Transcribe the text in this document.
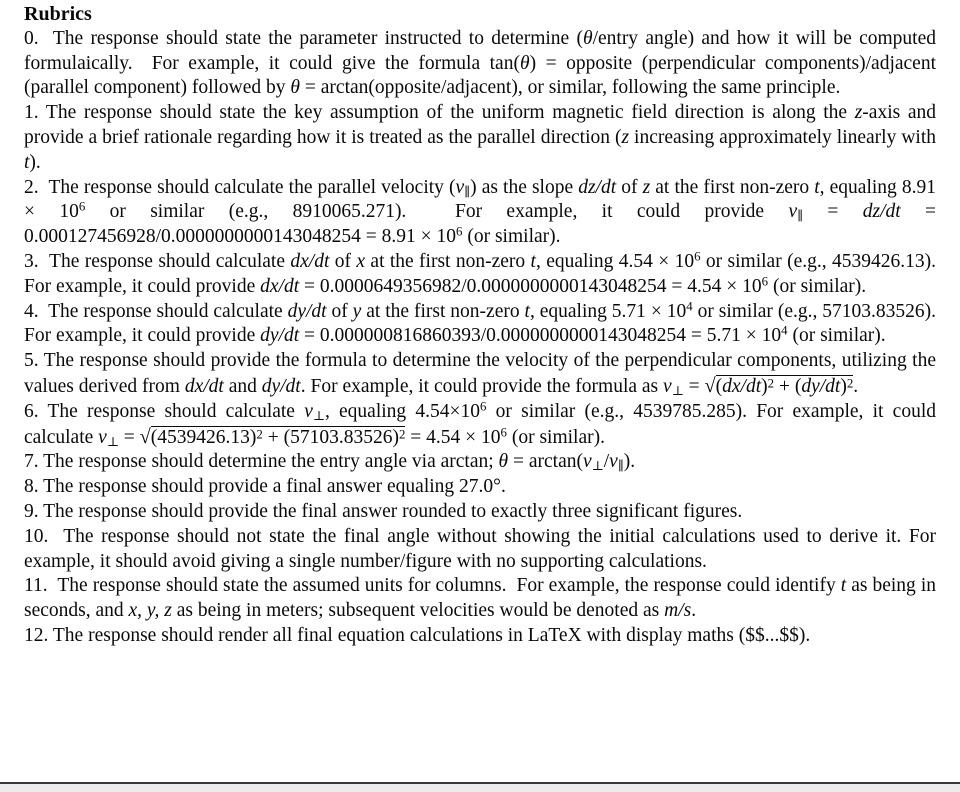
Rubrics

0.  The response should state the parameter instructed to determine (θ/entry angle) and how it will be computed formulaically.  For example, it could give the formula tan(θ) = opposite (perpendicular components)/adjacent (parallel component) followed by θ = arctan(opposite/adjacent), or similar, following the same principle.

1. The response should state the key assumption of the uniform magnetic field direction is along the z-axis and provide a brief rationale regarding how it is treated as the parallel direction (z increasing approximately linearly with t).

2.  The response should calculate the parallel velocity $(v_\parallel)$ as the slope dz/dt of z at the first non-zero t, equaling $8.91 \times 10^6$ or similar (e.g., 8910065.271).  For example, it could provide $v_\parallel = dz/dt = 0.000127456928/0.0000000000143048254 = 8.91 \times 10^6$ (or similar).

3.  The response should calculate dx/dt of x at the first non-zero t, equaling $4.54 \times 10^6$ or similar (e.g., 4539426.13).  For example, it could provide $dx/dt = 0.0000649356982/0.0000000000143048254 = 4.54 \times 10^6$ (or similar).

4.  The response should calculate dy/dt of y at the first non-zero t, equaling $5.71 \times 10^4$ or similar (e.g., 57103.83526).  For example, it could provide $dy/dt = 0.000000816860393/0.0000000000143048254 = 5.71 \times 10^4$ (or similar).

5. The response should provide the formula to determine the velocity of the perpendicular components, utilizing the values derived from dx/dt and dy/dt. For example, it could provide the formula as $v_\perp = √(dx/dt)^2 + (dy/dt)^2$.

6. The response should calculate $v_\perp$, equaling $4.54\times 10^6$ or similar (e.g., 4539785.285). For example, it could calculate $v_\perp = √(4539426.13)^2 + (57103.83526)^2 = 4.54 \times 10^6$ (or similar).

7. The response should determine the entry angle via arctan; $\theta = \arctan(v_\perp/v_\parallel)$.

8. The response should provide a final answer equaling 27.0°.

9. The response should provide the final answer rounded to exactly three significant figures.

10.  The response should not state the final angle without showing the initial calculations used to derive it. For example, it should avoid giving a single number/figure with no supporting calculations.

11.  The response should state the assumed units for columns.  For example, the response could identify t as being in seconds, and x, y, z as being in meters; subsequent velocities would be denoted as m/s.

12. The response should render all final equation calculations in LaTeX with display maths ($$...$$).
